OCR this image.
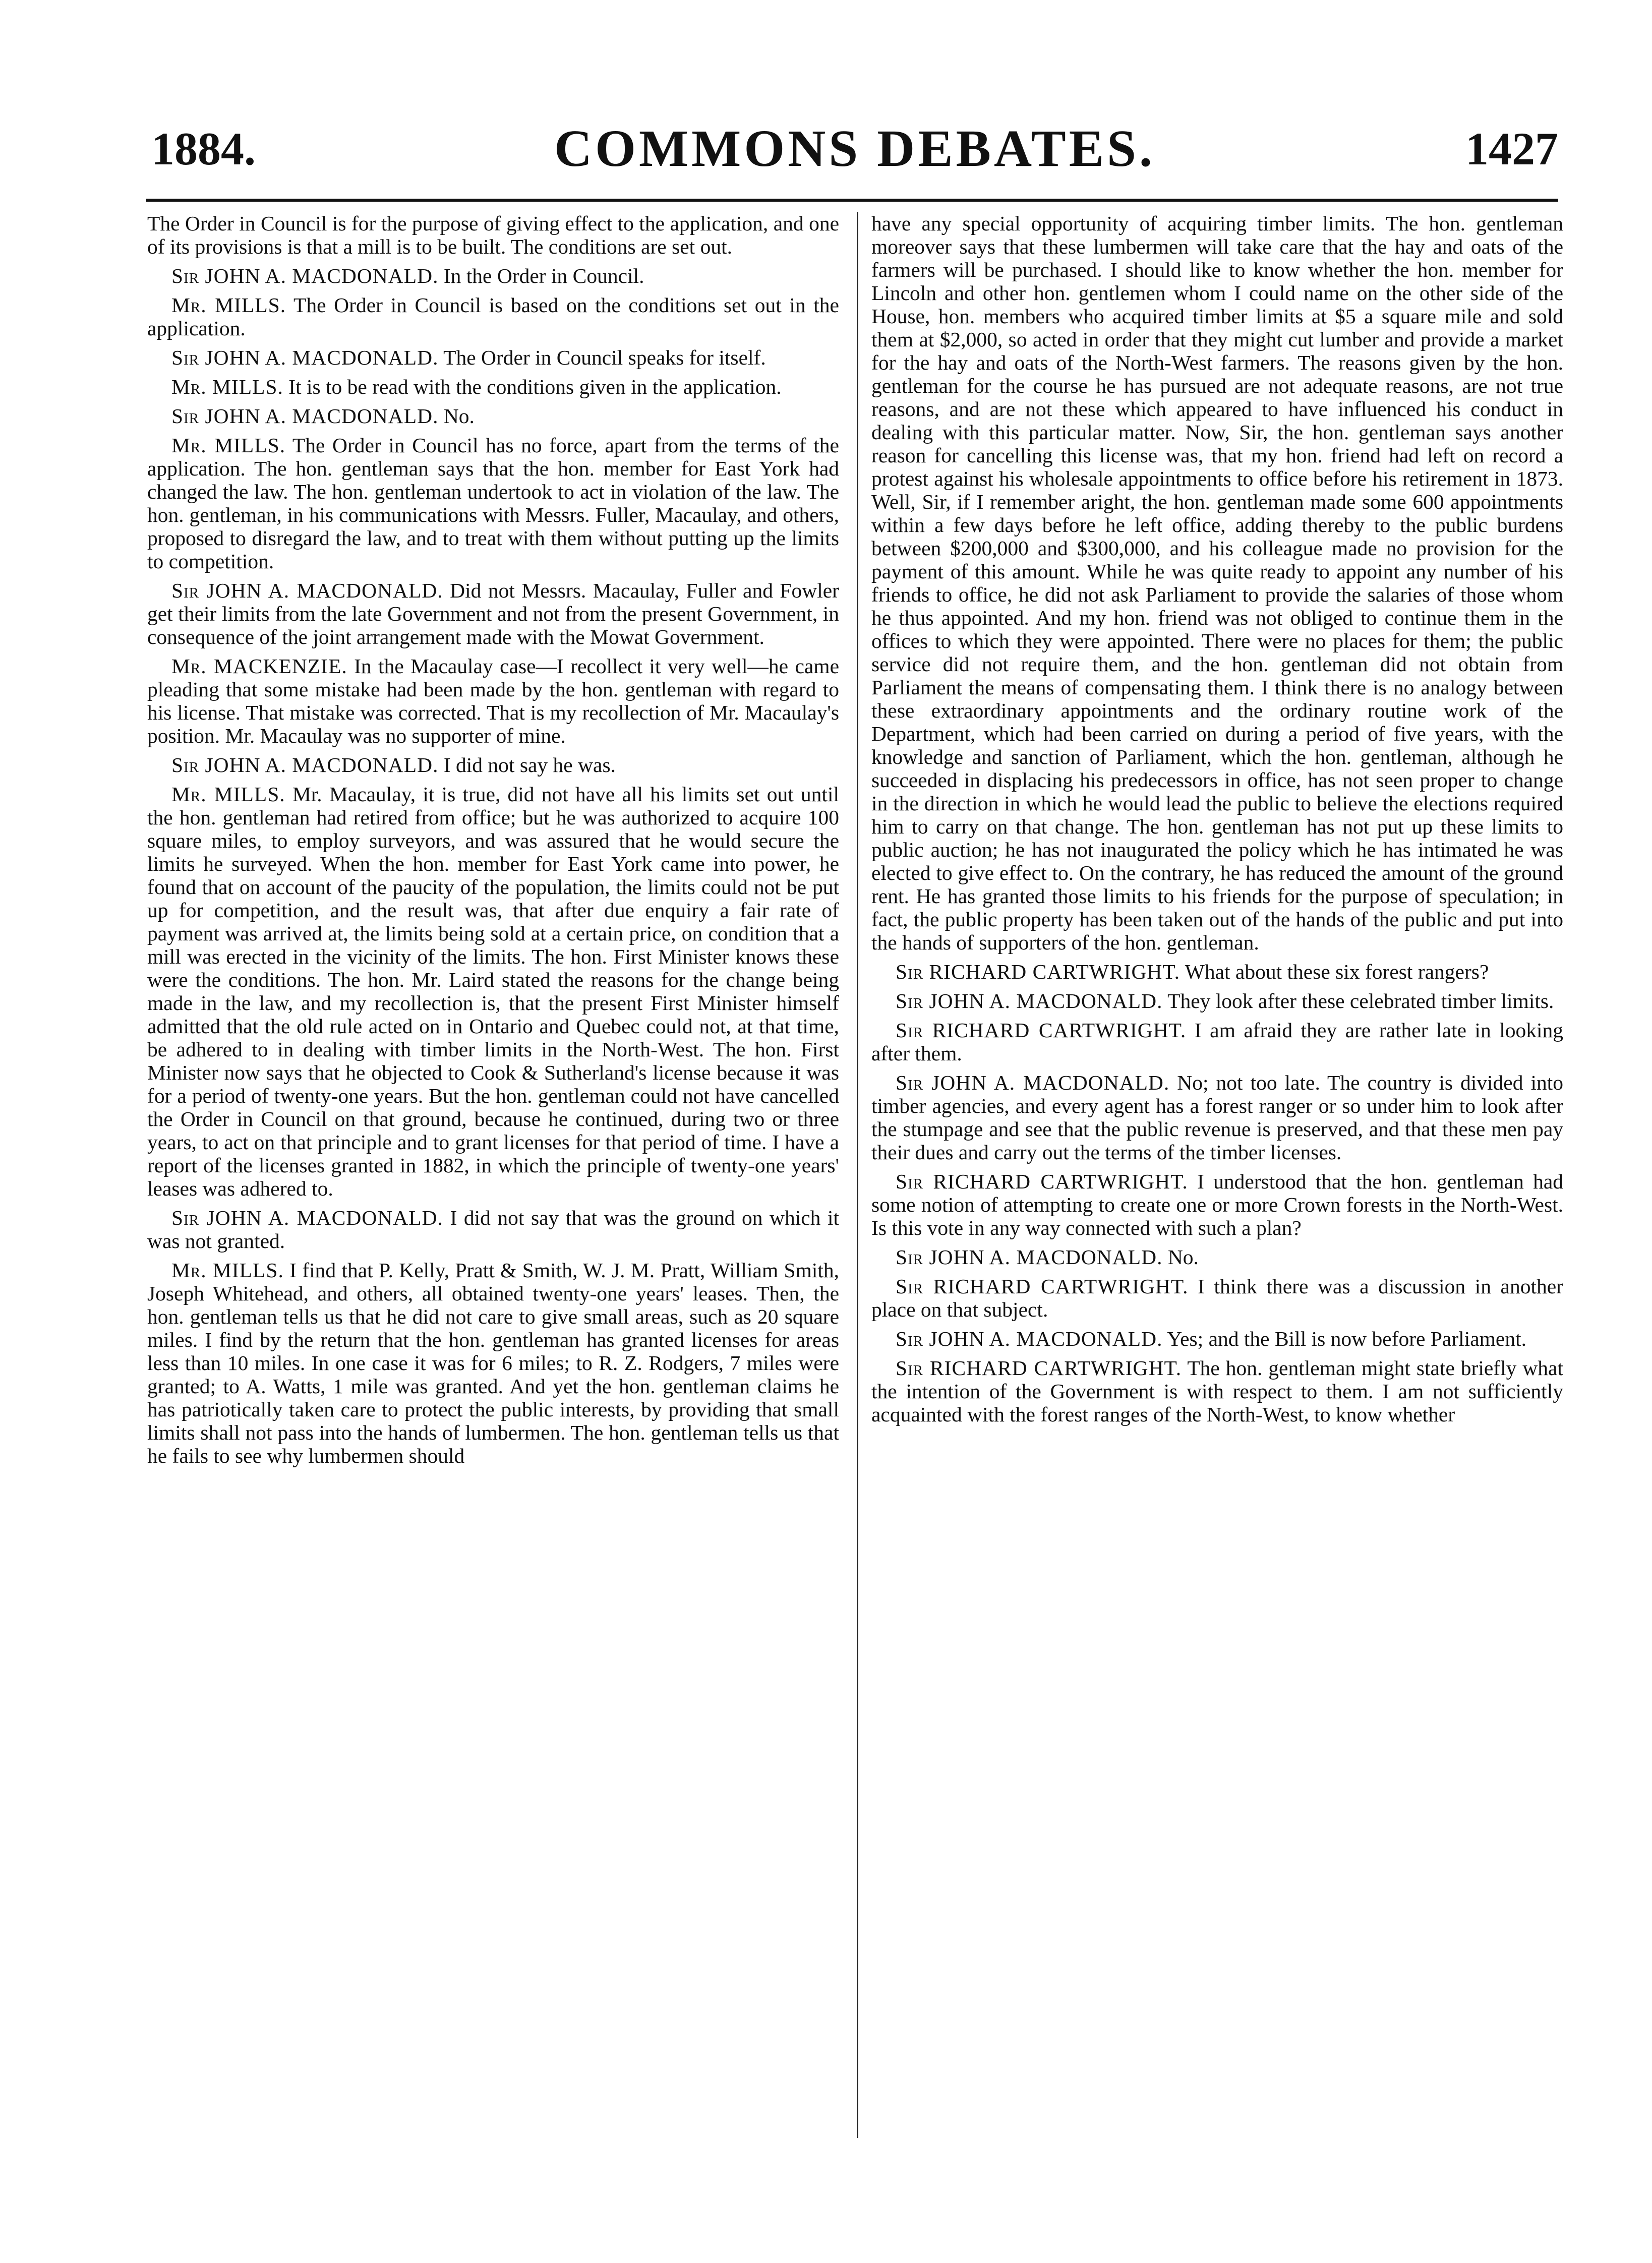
1884.	COMMONS DEBATES.	1427

The Order in Council is for the purpose of giving effect to the application, and one of its provisions is that a mill is to be built. The conditions are set out.

Sir JOHN A. MACDONALD. In the Order in Council.

Mr. MILLS. The Order in Council is based on the conditions set out in the application.

Sir JOHN A. MACDONALD. The Order in Council speaks for itself.

Mr. MILLS. It is to be read with the conditions given in the application.

Sir JOHN A. MACDONALD. No.

Mr. MILLS. The Order in Council has no force, apart from the terms of the application. The hon. gentleman says that the hon. member for East York had changed the law. The hon. gentleman undertook to act in violation of the law. The hon. gentleman, in his communications with Messrs. Fuller, Macaulay, and others, proposed to disregard the law, and to treat with them without putting up the limits to competition.

Sir JOHN A. MACDONALD. Did not Messrs. Macaulay, Fuller and Fowler get their limits from the late Government and not from the present Government, in consequence of the joint arrangement made with the Mowat Government.

Mr. MACKENZIE. In the Macaulay case—I recollect it very well—he came pleading that some mistake had been made by the hon. gentleman with regard to his license. That mistake was corrected. That is my recollection of Mr. Macaulay's position. Mr. Macaulay was no supporter of mine.

Sir JOHN A. MACDONALD. I did not say he was.

Mr. MILLS. Mr. Macaulay, it is true, did not have all his limits set out until the hon. gentleman had retired from office; but he was authorized to acquire 100 square miles, to employ surveyors, and was assured that he would secure the limits he surveyed. When the hon. member for East York came into power, he found that on account of the paucity of the population, the limits could not be put up for competition, and the result was, that after due enquiry a fair rate of payment was arrived at, the limits being sold at a certain price, on condition that a mill was erected in the vicinity of the limits. The hon. First Minister knows these were the conditions. The hon. Mr. Laird stated the reasons for the change being made in the law, and my recollection is, that the present First Minister himself admitted that the old rule acted on in Ontario and Quebec could not, at that time, be adhered to in dealing with timber limits in the North-West. The hon. First Minister now says that he objected to Cook & Sutherland's license because it was for a period of twenty-one years. But the hon. gentleman could not have cancelled the Order in Council on that ground, because he continued, during two or three years, to act on that principle and to grant licenses for that period of time. I have a report of the licenses granted in 1882, in which the principle of twenty-one years' leases was adhered to.

Sir JOHN A. MACDONALD. I did not say that was the ground on which it was not granted.

Mr. MILLS. I find that P. Kelly, Pratt & Smith, W. J. M. Pratt, William Smith, Joseph Whitehead, and others, all obtained twenty-one years' leases. Then, the hon. gentleman tells us that he did not care to give small areas, such as 20 square miles. I find by the return that the hon. gentleman has granted licenses for areas less than 10 miles. In one case it was for 6 miles; to R. Z. Rodgers, 7 miles were granted; to A. Watts, 1 mile was granted. And yet the hon. gentleman claims he has patriotically taken care to protect the public interests, by providing that small limits shall not pass into the hands of lumbermen. The hon. gentleman tells us that he fails to see why lumbermen should

have any special opportunity of acquiring timber limits. The hon. gentleman moreover says that these lumbermen will take care that the hay and oats of the farmers will be purchased. I should like to know whether the hon. member for Lincoln and other hon. gentlemen whom I could name on the other side of the House, hon. members who acquired timber limits at $5 a square mile and sold them at $2,000, so acted in order that they might cut lumber and provide a market for the hay and oats of the North-West farmers. The reasons given by the hon. gentleman for the course he has pursued are not adequate reasons, are not true reasons, and are not these which appeared to have influenced his conduct in dealing with this particular matter. Now, Sir, the hon. gentleman says another reason for cancelling this license was, that my hon. friend had left on record a protest against his wholesale appointments to office before his retirement in 1873. Well, Sir, if I remember aright, the hon. gentleman made some 600 appointments within a few days before he left office, adding thereby to the public burdens between $200,000 and $300,000, and his colleague made no provision for the payment of this amount. While he was quite ready to appoint any number of his friends to office, he did not ask Parliament to provide the salaries of those whom he thus appointed. And my hon. friend was not obliged to continue them in the offices to which they were appointed. There were no places for them; the public service did not require them, and the hon. gentleman did not obtain from Parliament the means of compensating them. I think there is no analogy between these extraordinary appointments and the ordinary routine work of the Department, which had been carried on during a period of five years, with the knowledge and sanction of Parliament, which the hon. gentleman, although he succeeded in displacing his predecessors in office, has not seen proper to change in the direction in which he would lead the public to believe the elections required him to carry on that change. The hon. gentleman has not put up these limits to public auction; he has not inaugurated the policy which he has intimated he was elected to give effect to. On the contrary, he has reduced the amount of the ground rent. He has granted those limits to his friends for the purpose of speculation; in fact, the public property has been taken out of the hands of the public and put into the hands of supporters of the hon. gentleman.

Sir RICHARD CARTWRIGHT. What about these six forest rangers?

Sir JOHN A. MACDONALD. They look after these celebrated timber limits.

Sir RICHARD CARTWRIGHT. I am afraid they are rather late in looking after them.

Sir JOHN A. MACDONALD. No; not too late. The country is divided into timber agencies, and every agent has a forest ranger or so under him to look after the stumpage and see that the public revenue is preserved, and that these men pay their dues and carry out the terms of the timber licenses.

Sir RICHARD CARTWRIGHT. I understood that the hon. gentleman had some notion of attempting to create one or more Crown forests in the North-West. Is this vote in any way connected with such a plan?

Sir JOHN A. MACDONALD. No.

Sir RICHARD CARTWRIGHT. I think there was a discussion in another place on that subject.

Sir JOHN A. MACDONALD. Yes; and the Bill is now before Parliament.

Sir RICHARD CARTWRIGHT. The hon. gentleman might state briefly what the intention of the Government is with respect to them. I am not sufficiently acquainted with the forest ranges of the North-West, to know whether
